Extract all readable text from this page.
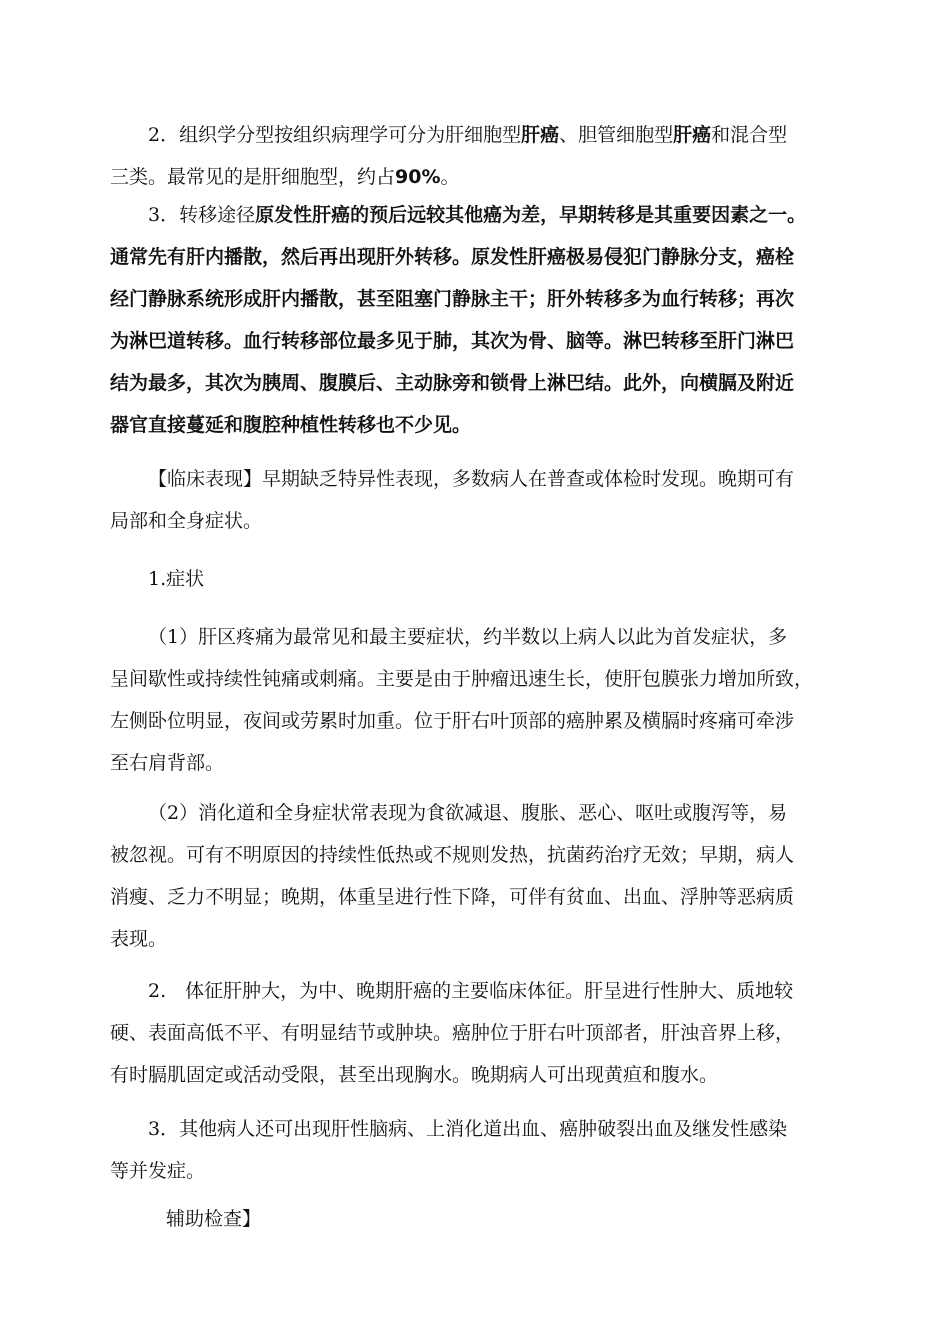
2．组织学分型按组织病理学可分为肝细胞型肝癌、胆管细胞型肝癌和混合型
三类。最常见的是肝细胞型，约占90%。
3．转移途径原发性肝癌的预后远较其他癌为差，早期转移是其重要因素之一。
通常先有肝内播散，然后再出现肝外转移。原发性肝癌极易侵犯门静脉分支，癌栓
经门静脉系统形成肝内播散，甚至阻塞门静脉主干；肝外转移多为血行转移；再次
为淋巴道转移。血行转移部位最多见于肺，其次为骨、脑等。淋巴转移至肝门淋巴
结为最多，其次为胰周、腹膜后、主动脉旁和锁骨上淋巴结。此外，向横膈及附近
器官直接蔓延和腹腔种植性转移也不少见。
【临床表现】早期缺乏特异性表现，多数病人在普查或体检时发现。晚期可有
局部和全身症状。
1.症状
（1）肝区疼痛为最常见和最主要症状，约半数以上病人以此为首发症状，多
呈间歇性或持续性钝痛或刺痛。主要是由于肿瘤迅速生长，使肝包膜张力增加所致，
左侧卧位明显，夜间或劳累时加重。位于肝右叶顶部的癌肿累及横膈时疼痛可牵涉
至右肩背部。
（2）消化道和全身症状常表现为食欲减退、腹胀、恶心、呕吐或腹泻等，易
被忽视。可有不明原因的持续性低热或不规则发热，抗菌药治疗无效；早期，病人
消瘦、乏力不明显；晚期，体重呈进行性下降，可伴有贫血、出血、浮肿等恶病质
表现。
2.　体征肝肿大，为中、晚期肝癌的主要临床体征。肝呈进行性肿大、质地较
硬、表面高低不平、有明显结节或肿块。癌肿位于肝右叶顶部者，肝浊音界上移，
有时膈肌固定或活动受限，甚至出现胸水。晚期病人可出现黄疸和腹水。
3．其他病人还可出现肝性脑病、上消化道出血、癌肿破裂出血及继发性感染
等并发症。
辅助检查】
